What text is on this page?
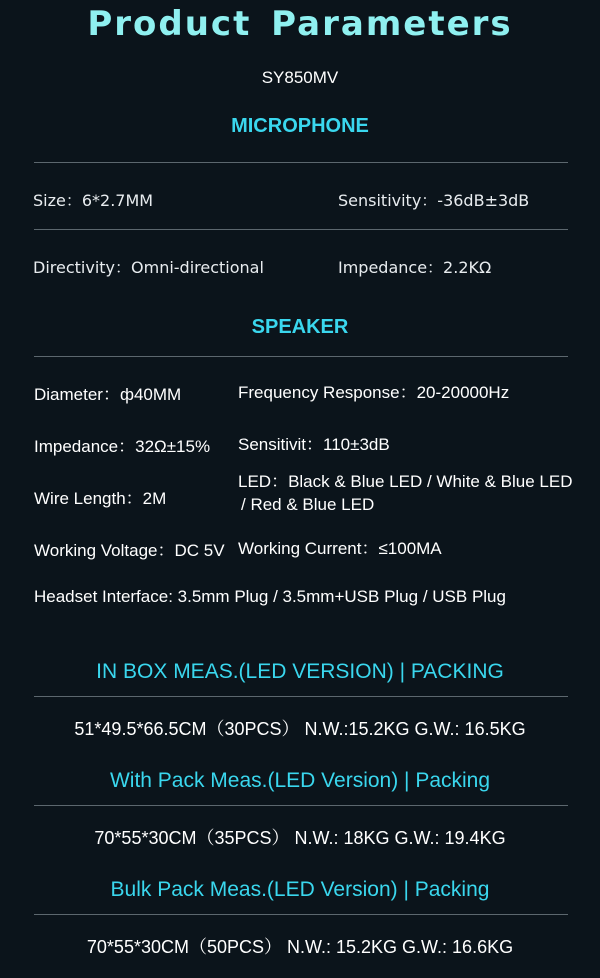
Product Parameters
SY850MV
MICROPHONE
Size：6*2.7MM	Sensitivity：-36dB±3dB
Directivity：Omni-directional	Impedance：2.2KΩ
SPEAKER
Diameter：ф40MM	Frequency Response：20-20000Hz
Impedance：32Ω±15% Sensitivit：110±3dB
Wire Length：2M
LED：Black & Blue LED / White & Blue LED
/ Red & Blue LED
Working Voltage：DC 5V Working Current：≤100MA
Headset Interface: 3.5mm Plug / 3.5mm+USB Plug / USB Plug
IN BOX MEAS.(LED VERSION) | PACKING
51*49.5*66.5CM（30PCS） N.W.:15.2KG G.W.: 16.5KG
With Pack Meas.(LED Version) | Packing
70*55*30CM（35PCS） N.W.: 18KG G.W.: 19.4KG
Bulk Pack Meas.(LED Version) | Packing
70*55*30CM（50PCS） N.W.: 15.2KG G.W.: 16.6KG
